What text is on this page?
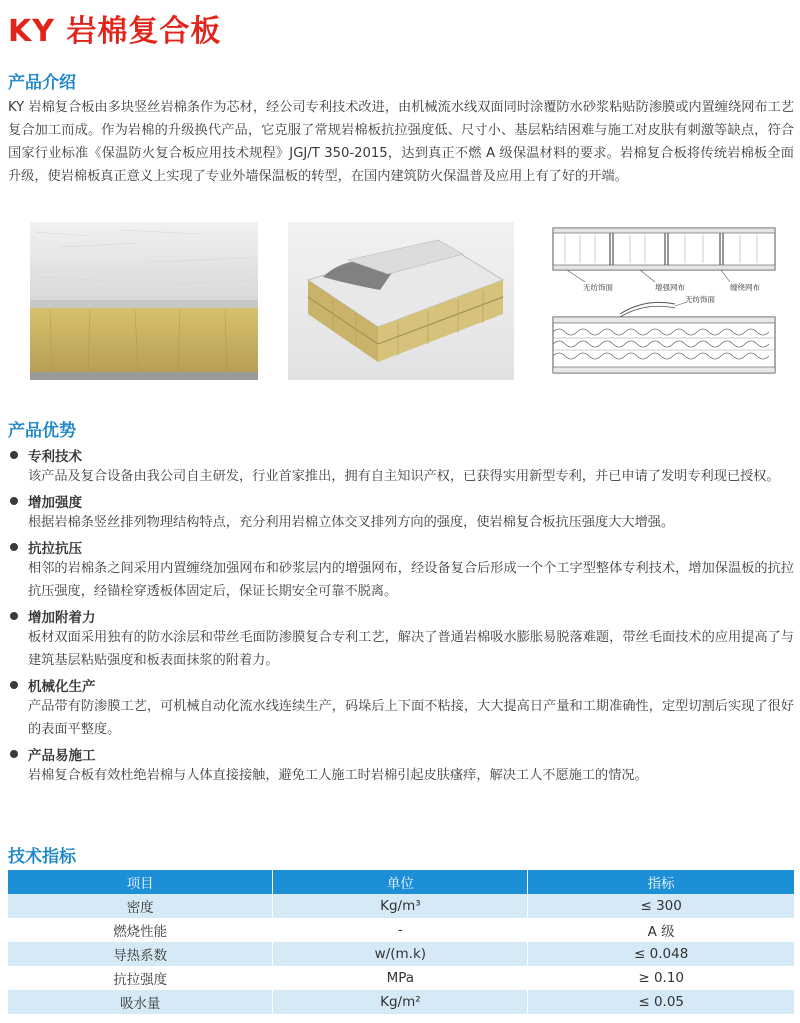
KY 岩棉复合板
产品介绍

KY 岩棉复合板由多块竖丝岩棉条作为芯材，经公司专利技术改进，由机械流水线双面同时涂覆防水砂浆粘贴防渗膜或内置缠绕网布工艺复合加工而成。作为岩棉的升级换代产品，它克服了常规岩棉板抗拉强度低、尺寸小、基层粘结困难与施工对皮肤有刺激等缺点，符合国家行业标准《保温防火复合板应用技术规程》JGJ/T 350-2015，达到真正不燃 A 级保温材料的要求。岩棉复合板将传统岩棉板全面升级，使岩棉板真正意义上实现了专业外墙保温板的转型，在国内建筑防火保温普及应用上有了好的开端。

无纺饰面	增强网布	缠绕网布
无纺饰面
产品优势
专利技术

该产品及复合设备由我公司自主研发，行业首家推出，拥有自主知识产权，已获得实用新型专利，并已申请了发明专利现已授权。

增加强度

根据岩棉条竖丝排列物理结构特点，充分利用岩棉立体交叉排列方向的强度，使岩棉复合板抗压强度大大增强。

抗拉抗压

相邻的岩棉条之间采用内置缠绕加强网布和砂浆层内的增强网布，经设备复合后形成一个个工字型整体专利技术，增加保温板的抗拉抗压强度，经锚栓穿透板体固定后，保证长期安全可靠不脱离。

增加附着力

板材双面采用独有的防水涂层和带丝毛面防渗膜复合专利工艺，解决了普通岩棉吸水膨胀易脱落难题，带丝毛面技术的应用提高了与建筑基层粘贴强度和板表面抹浆的附着力。

机械化生产

产品带有防渗膜工艺，可机械自动化流水线连续生产，码垛后上下面不粘接，大大提高日产量和工期准确性，定型切割后实现了很好的表面平整度。

产品易施工

岩棉复合板有效杜绝岩棉与人体直接接触，避免工人施工时岩棉引起皮肤瘙痒，解决工人不愿施工的情况。

技术指标
项目	单位	指标
密度	Kg/m³	≤ 300
燃烧性能	-	A 级
导热系数	w/(m.k)	≤ 0.048
抗拉强度	MPa	≥ 0.10
吸水量	Kg/m²	≤ 0.05
